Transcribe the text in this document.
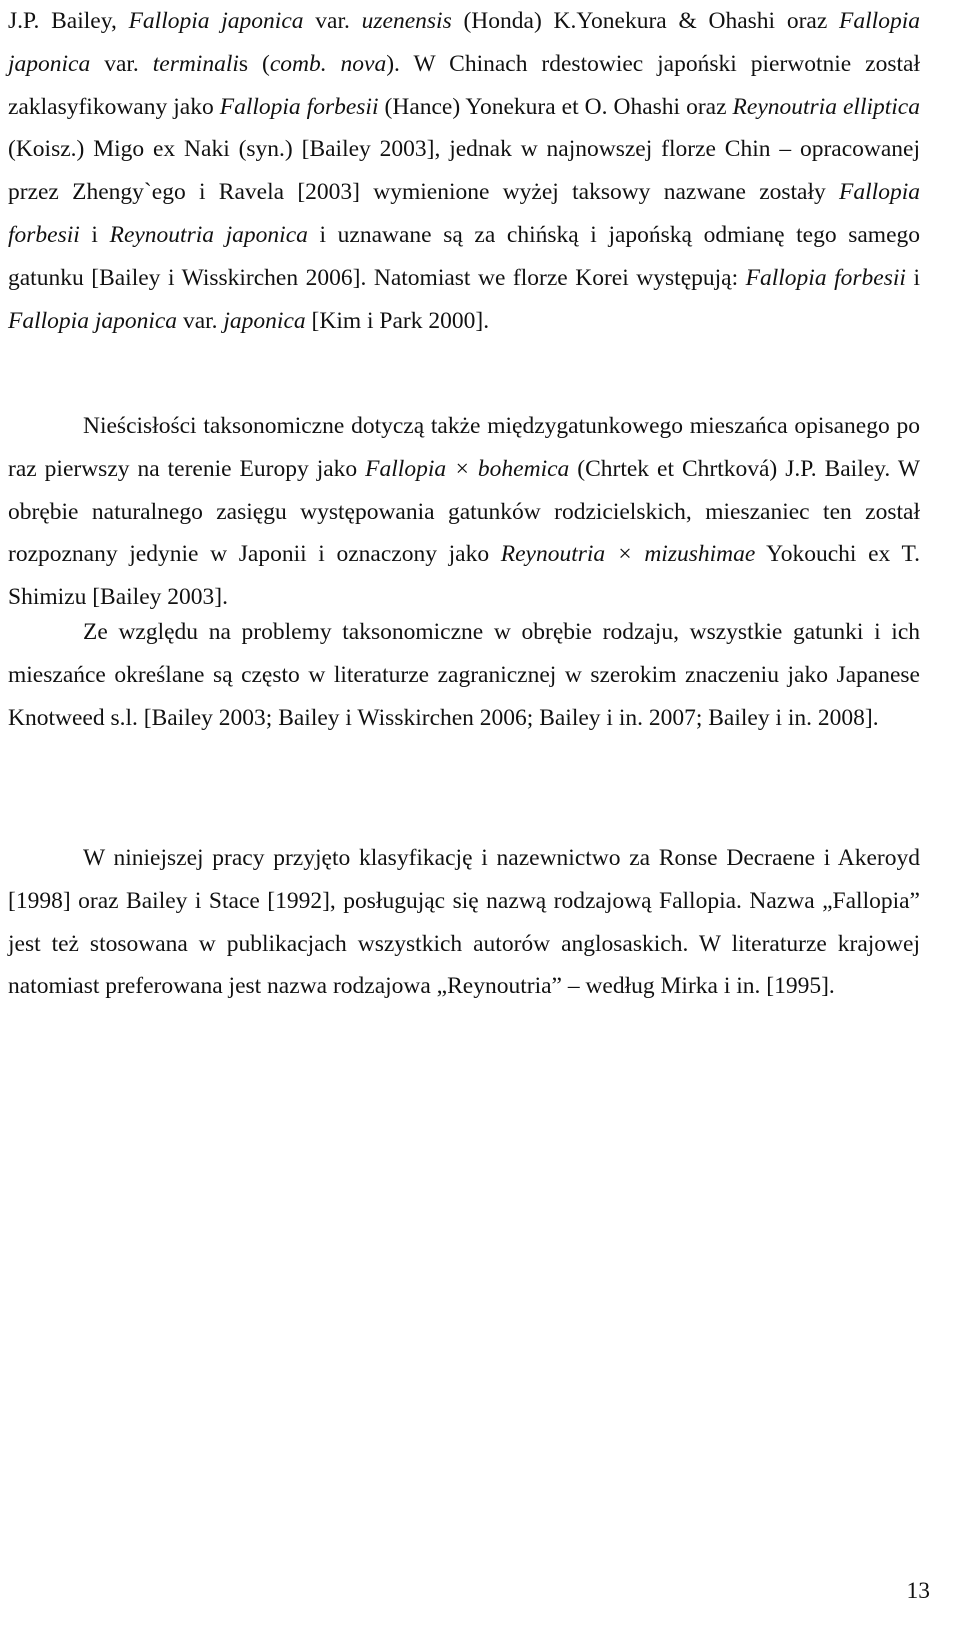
J.P. Bailey, Fallopia japonica var. uzenensis (Honda) K.Yonekura & Ohashi oraz Fallopia japonica var. terminalis (comb. nova). W Chinach rdestowiec japoński pierwotnie został zaklasyfikowany jako Fallopia forbesii (Hance) Yonekura et O. Ohashi oraz Reynoutria elliptica (Koisz.) Migo ex Naki (syn.) [Bailey 2003], jednak w najnowszej florze Chin – opracowanej przez Zhengy`ego i Ravela [2003] wymienione wyżej taksowy nazwane zostały Fallopia forbesii i Reynoutria japonica i uznawane są za chińską i japońską odmianę tego samego gatunku [Bailey i Wisskirchen 2006]. Natomiast we florze Korei występują: Fallopia forbesii i Fallopia japonica var. japonica [Kim i Park 2000].

Nieścisłości taksonomiczne dotyczą także międzygatunkowego mieszańca opisanego po raz pierwszy na terenie Europy jako Fallopia × bohemica (Chrtek et Chrtková) J.P. Bailey. W obrębie naturalnego zasięgu występowania gatunków rodzicielskich, mieszaniec ten został rozpoznany jedynie w Japonii i oznaczony jako Reynoutria × mizushimae Yokouchi ex T. Shimizu [Bailey 2003].

Ze względu na problemy taksonomiczne w obrębie rodzaju, wszystkie gatunki i ich mieszańce określane są często w literaturze zagranicznej w szerokim znaczeniu jako Japanese Knotweed s.l. [Bailey 2003; Bailey i Wisskirchen 2006; Bailey i in. 2007; Bailey i in. 2008].

W niniejszej pracy przyjęto klasyfikację i nazewnictwo za Ronse Decraene i Akeroyd [1998] oraz Bailey i Stace [1992], posługując się nazwą rodzajową Fallopia. Nazwa „Fallopia” jest też stosowana w publikacjach wszystkich autorów anglosaskich. W literaturze krajowej natomiast preferowana jest nazwa rodzajowa „Reynoutria” – według Mirka i in. [1995].

13
